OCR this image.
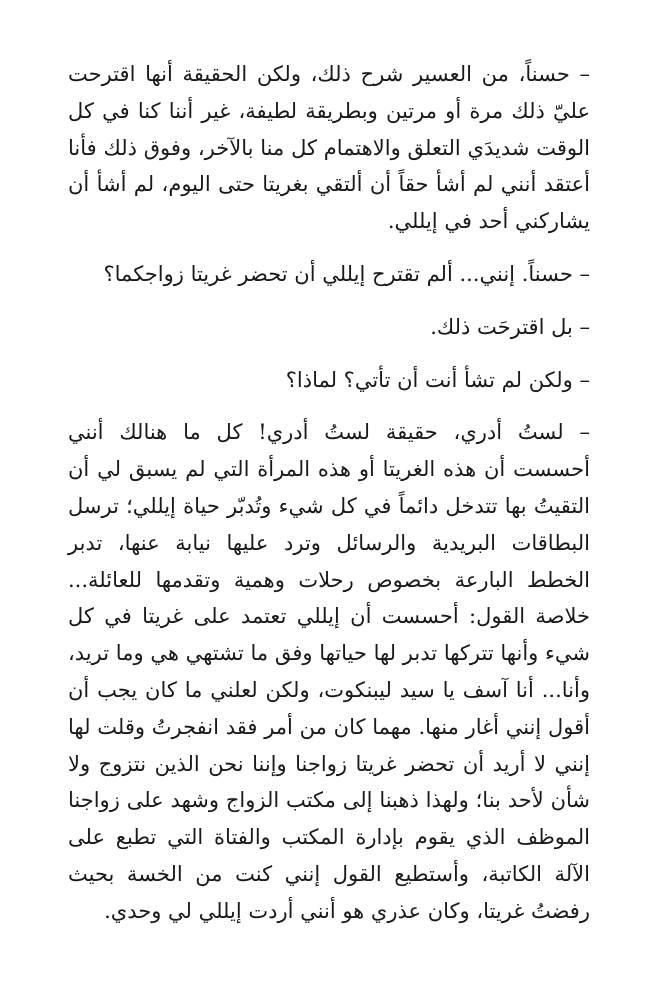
– حسناً، من العسير شرح ذلك، ولكن الحقيقة أنها اقترحت عليّ ذلك مرة أو مرتين وبطريقة لطيفة، غير أننا كنا في كل الوقت شديدَي التعلق والاهتمام كل منا بالآخر، وفوق ذلك فأنا أعتقد أنني لم أشأ حقاً أن ألتقي بغريتا حتى اليوم، لم أشأ أن يشاركني أحد في إيللي.

– حسناً. إنني... ألم تقترح إيللي أن تحضر غريتا زواجكما؟

– بل اقترحَت ذلك.

– ولكن لم تشأ أنت أن تأتي؟ لماذا؟

– لستُ أدري، حقيقة لستُ أدري! كل ما هنالك أنني أحسست أن هذه الغريتا أو هذه المرأة التي لم يسبق لي أن التقيتُ بها تتدخل دائماً في كل شيء وتُدبّر حياة إيللي؛ ترسل البطاقات البريدية والرسائل وترد عليها نيابة عنها، تدبر الخطط البارعة بخصوص رحلات وهمية وتقدمها للعائلة... خلاصة القول: أحسست أن إيللي تعتمد على غريتا في كل شيء وأنها تتركها تدبر لها حياتها وفق ما تشتهي هي وما تريد، وأنا... أنا آسف يا سيد ليبنكوت، ولكن لعلني ما كان يجب أن أقول إنني أغار منها. مهما كان من أمر فقد انفجرتُ وقلت لها إنني لا أريد أن تحضر غريتا زواجنا وإننا نحن الذين نتزوج ولا شأن لأحد بنا؛ ولهذا ذهبنا إلى مكتب الزواج وشهد على زواجنا الموظف الذي يقوم بإدارة المكتب والفتاة التي تطبع على الآلة الكاتبة، وأستطيع القول إنني كنت من الخسة بحيث رفضتُ غريتا، وكان عذري هو أنني أردت إيللي لي وحدي.
